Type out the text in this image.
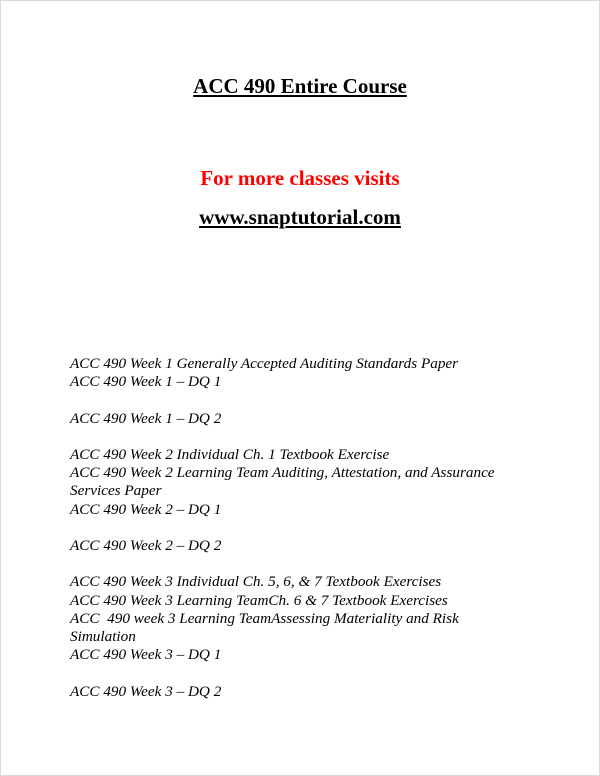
ACC 490 Entire Course
For more classes visits
www.snaptutorial.com
ACC 490 Week 1 Generally Accepted Auditing Standards Paper
ACC 490 Week 1 – DQ 1
ACC 490 Week 1 – DQ 2
ACC 490 Week 2 Individual Ch. 1 Textbook Exercise
ACC 490 Week 2 Learning Team Auditing, Attestation, and Assurance
Services Paper
ACC 490 Week 2 – DQ 1
ACC 490 Week 2 – DQ 2
ACC 490 Week 3 Individual Ch. 5, 6, & 7 Textbook Exercises
ACC 490 Week 3 Learning TeamCh. 6 & 7 Textbook Exercises
ACC  490 week 3 Learning TeamAssessing Materiality and Risk
Simulation
ACC 490 Week 3 – DQ 1
ACC 490 Week 3 – DQ 2
